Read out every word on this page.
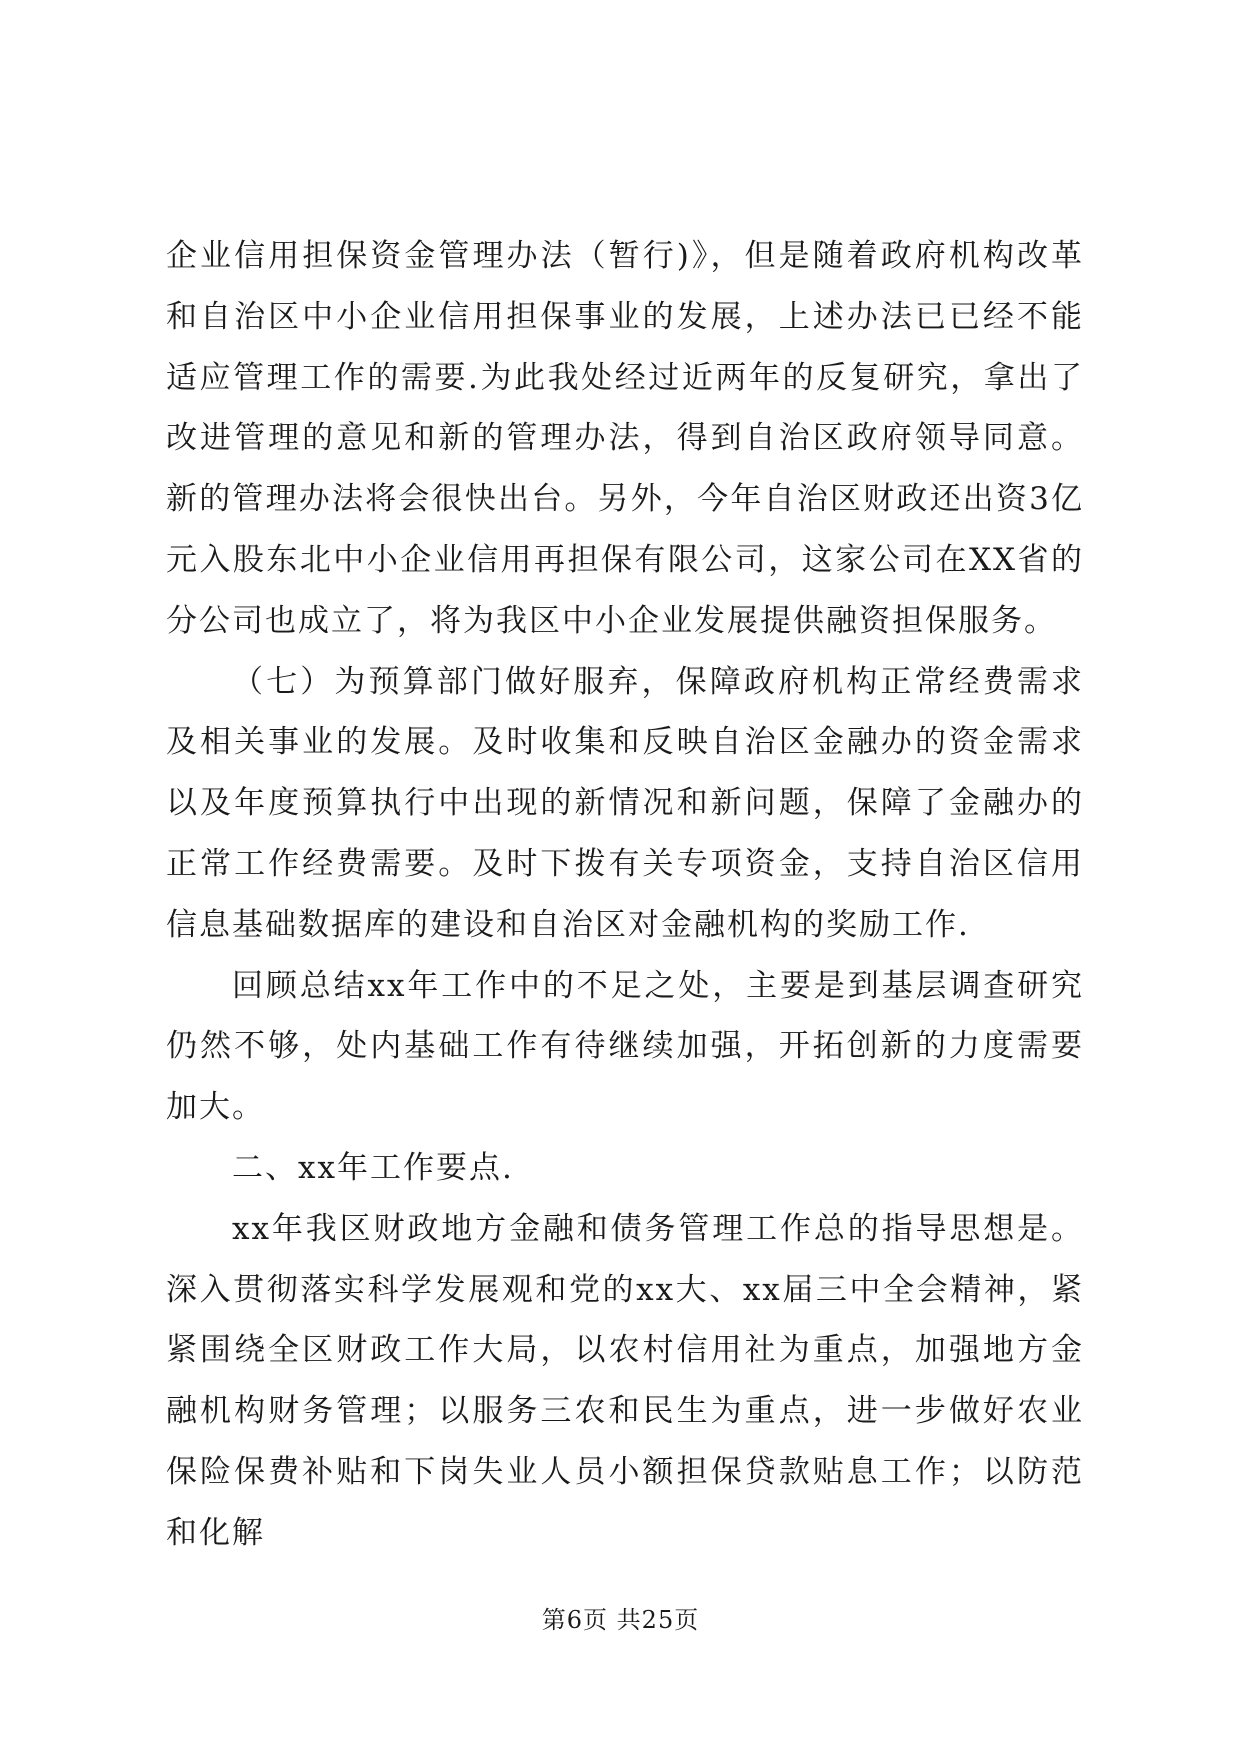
企业信用担保资金管理办法（暂行)》，但是随着政府机构改革和自治区中小企业信用担保事业的发展，上述办法已已经不能适应管理工作的需要.为此我处经过近两年的反复研究，拿出了改进管理的意见和新的管理办法，得到自治区政府领导同意。新的管理办法将会很快出台。另外，今年自治区财政还出资3亿元入股东北中小企业信用再担保有限公司，这家公司在XX省的分公司也成立了，将为我区中小企业发展提供融资担保服务。

（七）为预算部门做好服弃，保障政府机构正常经费需求及相关事业的发展。及时收集和反映自治区金融办的资金需求以及年度预算执行中出现的新情况和新问题，保障了金融办的正常工作经费需要。及时下拨有关专项资金，支持自治区信用信息基础数据库的建设和自治区对金融机构的奖励工作.

回顾总结xx年工作中的不足之处，主要是到基层调查研究仍然不够，处内基础工作有待继续加强，开拓创新的力度需要加大。

二、xx年工作要点.

xx年我区财政地方金融和债务管理工作总的指导思想是。深入贯彻落实科学发展观和党的xx大、xx届三中全会精神，紧紧围绕全区财政工作大局，以农村信用社为重点，加强地方金融机构财务管理；以服务三农和民生为重点，进一步做好农业保险保费补贴和下岗失业人员小额担保贷款贴息工作；以防范和化解

第6页 共25页
